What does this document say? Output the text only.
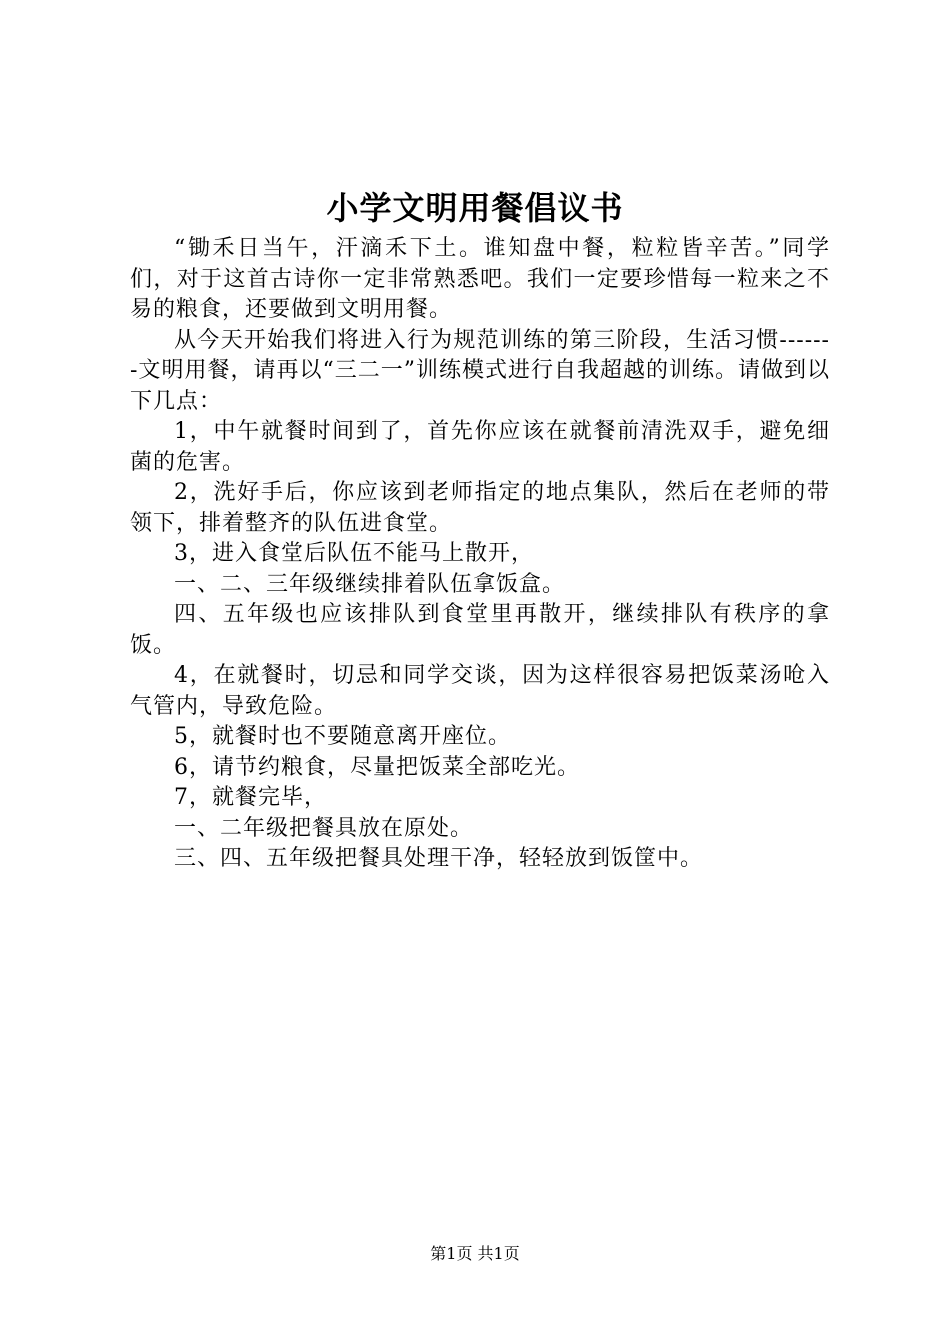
小学文明用餐倡议书

“锄禾日当午，汗滴禾下土。谁知盘中餐，粒粒皆辛苦。”同学们，对于这首古诗你一定非常熟悉吧。我们一定要珍惜每一粒来之不易的粮食，还要做到文明用餐。

从今天开始我们将进入行为规范训练的第三阶段，生活习惯-------文明用餐，请再以“三二一”训练模式进行自我超越的训练。请做到以下几点：

1，中午就餐时间到了，首先你应该在就餐前清洗双手，避免细菌的危害。

2，洗好手后，你应该到老师指定的地点集队，然后在老师的带领下，排着整齐的队伍进食堂。

3，进入食堂后队伍不能马上散开，

一、二、三年级继续排着队伍拿饭盒。

四、五年级也应该排队到食堂里再散开，继续排队有秩序的拿饭。

4，在就餐时，切忌和同学交谈，因为这样很容易把饭菜汤呛入气管内，导致危险。

5，就餐时也不要随意离开座位。

6，请节约粮食，尽量把饭菜全部吃光。

7，就餐完毕，

一、二年级把餐具放在原处。

三、四、五年级把餐具处理干净，轻轻放到饭筐中。

第1页 共1页
